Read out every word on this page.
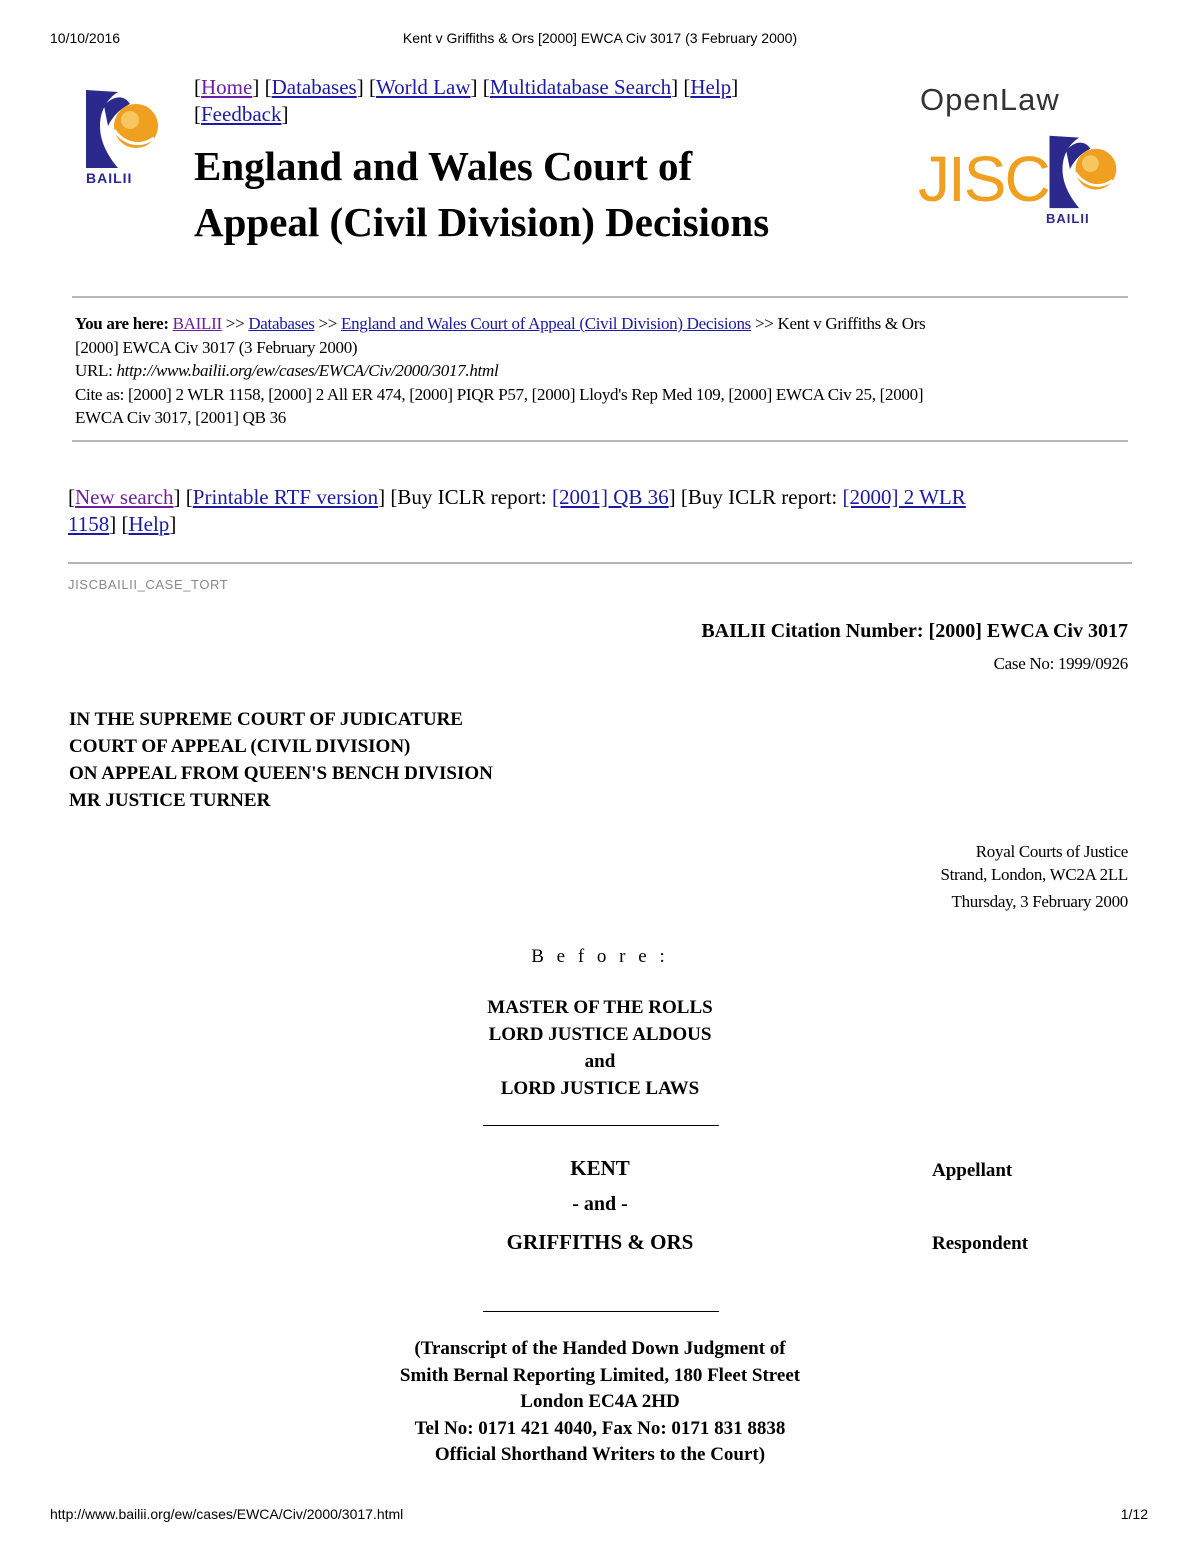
10/10/2016	Kent v Griffiths & Ors [2000] EWCA Civ 3017 (3 February 2000)
BAILII
[Home] [Databases] [World Law] [Multidatabase Search] [Help]
[Feedback]
England and Wales Court of
Appeal (Civil Division) Decisions
OpenLaw
JISC
BAILII
You are here: BAILII >> Databases >> England and Wales Court of Appeal (Civil Division) Decisions >> Kent v Griffiths & Ors
[2000] EWCA Civ 3017 (3 February 2000)
URL: http://www.bailii.org/ew/cases/EWCA/Civ/2000/3017.html
Cite as: [2000] 2 WLR 1158, [2000] 2 All ER 474, [2000] PIQR P57, [2000] Lloyd's Rep Med 109, [2000] EWCA Civ 25, [2000]
EWCA Civ 3017, [2001] QB 36
[New search] [Printable RTF version] [Buy ICLR report: [2001] QB 36] [Buy ICLR report: [2000] 2 WLR
1158] [Help]
JISCBAILII_CASE_TORT
BAILII Citation Number: [2000] EWCA Civ 3017
Case No: 1999/0926
IN THE SUPREME COURT OF JUDICATURE
COURT OF APPEAL (CIVIL DIVISION)
ON APPEAL FROM QUEEN'S BENCH DIVISION
MR JUSTICE TURNER
Royal Courts of Justice
Strand, London, WC2A 2LL
Thursday, 3 February 2000
B e f o r e :
MASTER OF THE ROLLS
LORD JUSTICE ALDOUS
and
LORD JUSTICE LAWS
KENT	Appellant
- and -
GRIFFITHS & ORS	Respondent
(Transcript of the Handed Down Judgment of
Smith Bernal Reporting Limited, 180 Fleet Street
London EC4A 2HD
Tel No: 0171 421 4040, Fax No: 0171 831 8838
Official Shorthand Writers to the Court)
http://www.bailii.org/ew/cases/EWCA/Civ/2000/3017.html	1/12
